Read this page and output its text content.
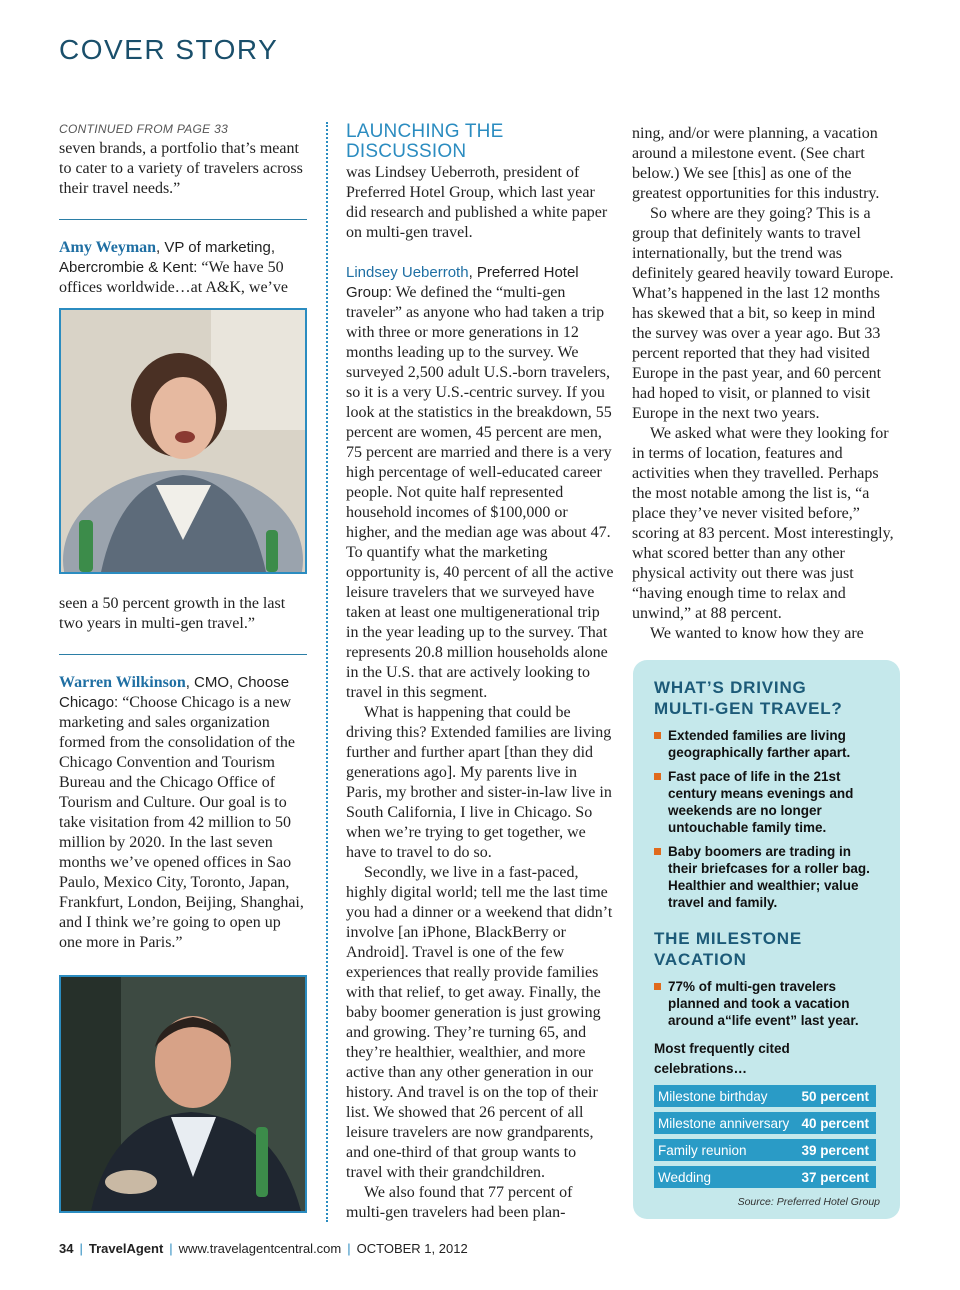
COVER STORY
CONTINUED FROM PAGE 33

seven brands, a portfolio that’s meant to cater to a variety of travelers across their travel needs.”

Amy Weyman, VP of marketing, Abercrombie & Kent: “We have 50 offices worldwide…at A&K, we’ve

seen a 50 percent growth in the last two years in multi-gen travel.”

Warren Wilkinson, CMO, Choose Chicago: “Choose Chicago is a new marketing and sales organization formed from the consolidation of the Chicago Convention and Tourism Bureau and the Chicago Office of Tourism and Culture. Our goal is to take visitation from 42 million to 50 million by 2020. In the last seven months we’ve opened offices in Sao Paulo, Mexico City, Toronto, Japan, Frankfurt, London, Beijing, Shanghai, and I think we’re going to open up one more in Paris.”

LAUNCHING THE DISCUSSION

was Lindsey Ueberroth, president of Preferred Hotel Group, which last year did research and published a white paper on multi-gen travel.

Lindsey Ueberroth, Preferred Hotel Group: We defined the “multi-gen traveler” as anyone who had taken a trip with three or more generations in 12 months leading up to the survey. We surveyed 2,500 adult U.S.-born travelers, so it is a very U.S.-centric survey. If you look at the statistics in the breakdown, 55 percent are women, 45 percent are men, 75 percent are married and there is a very high percentage of well-educated career people. Not quite half represented household incomes of $100,000 or higher, and the median age was about 47. To quantify what the marketing opportunity is, 40 percent of all the active leisure travelers that we surveyed have taken at least one multigenerational trip in the year leading up to the survey. That represents 20.8 million households alone in the U.S. that are actively looking to travel in this segment.

What is happening that could be driving this? Extended families are living further and further apart [than they did generations ago]. My parents live in Paris, my brother and sister-in-law live in South California, I live in Chicago. So when we’re trying to get together, we have to travel to do so.

Secondly, we live in a fast-paced, highly digital world; tell me the last time you had a dinner or a weekend that didn’t involve [an iPhone, BlackBerry or Android]. Travel is one of the few experiences that really provide families with that relief, to get away. Finally, the baby boomer generation is just growing and growing. They’re turning 65, and they’re healthier, wealthier, and more active than any other generation in our history. And travel is on the top of their list. We showed that 26 percent of all leisure travelers are now grandparents, and one-third of that group wants to travel with their grandchildren.

We also found that 77 percent of multi-gen travelers had been plan-

ning, and/or were planning, a vacation around a milestone event. (See chart below.) We see [this] as one of the greatest opportunities for this industry.

So where are they going? This is a group that definitely wants to travel internationally, but the trend was definitely geared heavily toward Europe. What’s happened in the last 12 months has skewed that a bit, so keep in mind the survey was over a year ago. But 33 percent reported that they had visited Europe in the past year, and 60 percent had hoped to visit, or planned to visit Europe in the next two years.

We asked what were they looking for in terms of location, features and activities when they travelled. Perhaps the most notable among the list is, “a place they’ve never visited before,” scoring at 83 percent. Most interestingly, what scored better than any other physical activity out there was just “having enough time to relax and unwind,” at 88 percent.

We wanted to know how they are

WHAT’S DRIVING
MULTI-GEN TRAVEL?
Extended families are living geographically farther apart.
Fast pace of life in the 21st century means evenings and weekends are no longer untouchable family time.
Baby boomers are trading in their briefcases for a roller bag. Healthier and wealthier; value travel and family.
THE MILESTONE
VACATION
77% of multi-gen travelers planned and took a vacation around a“life event” last year.
Most frequently cited celebrations…
Milestone birthday	50 percent
Milestone anniversary 40 percent
Family reunion	39 percent
Wedding	37 percent
Source: Preferred Hotel Group
34 | TravelAgent | www.travelagentcentral.com | OCTOBER 1, 2012
